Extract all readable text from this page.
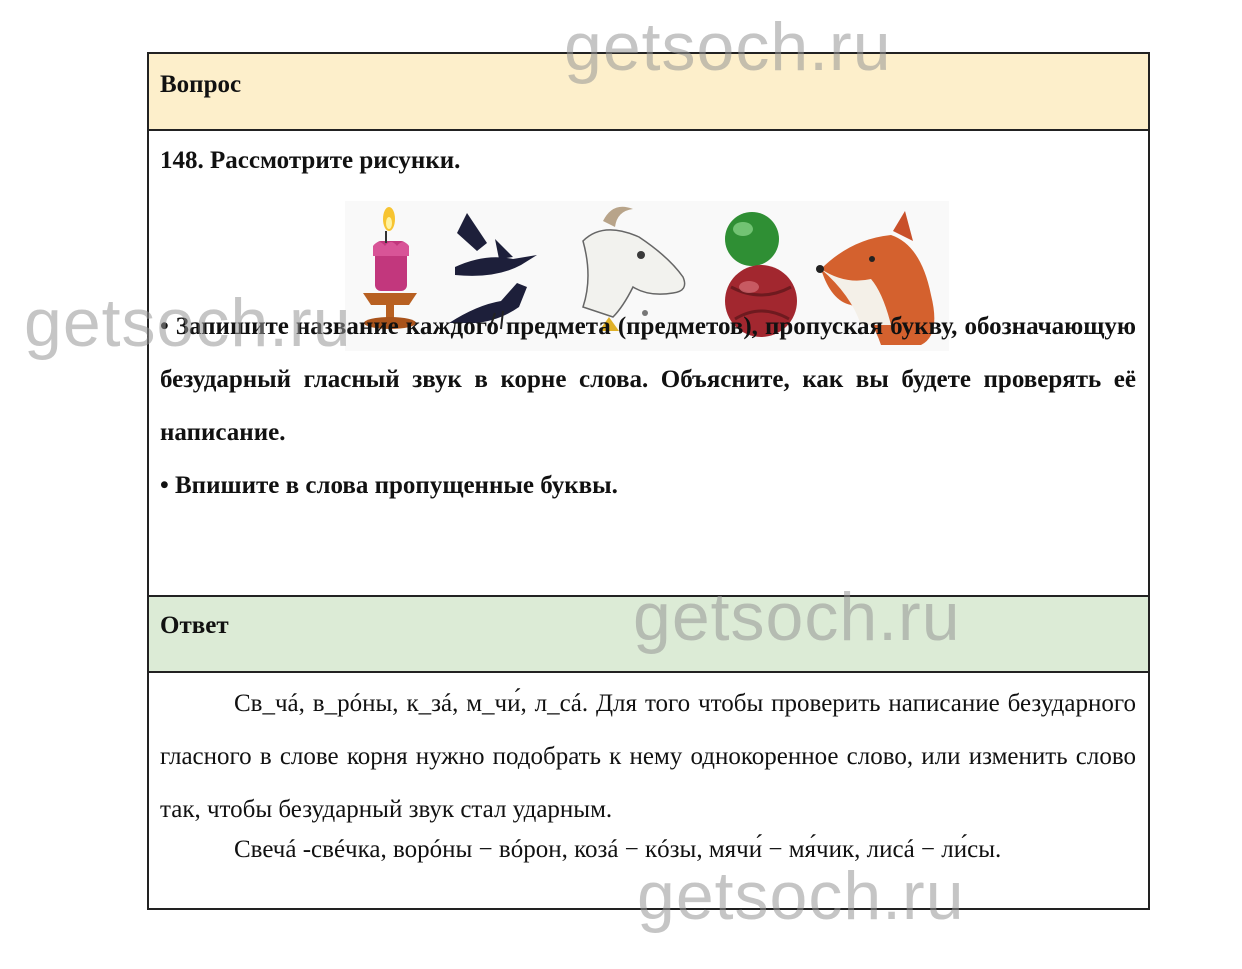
Вопрос
148. Рассмотрите рисунки.
• Запишите название каждого предмета (предметов), пропуская букву, обозначающую безударный гласный звук в корне слова. Объясните, как вы будете проверять её написание.
• Впишите в слова пропущенные буквы.
Ответ
Св_чá, в_рóны, к_зá, м_чи́, л_cá. Для того чтобы проверить написание безударного гласного в слове корня нужно подобрать к нему однокоренное слово, или изменить слово так, чтобы безударный звук стал ударным.
Свечá -свéчка, ворóны − вóрон, козá − кóзы, мячи́ − мя́чик, лисá − ли́сы.
getsoch.ru
getsoch.ru
getsoch.ru
getsoch.ru
